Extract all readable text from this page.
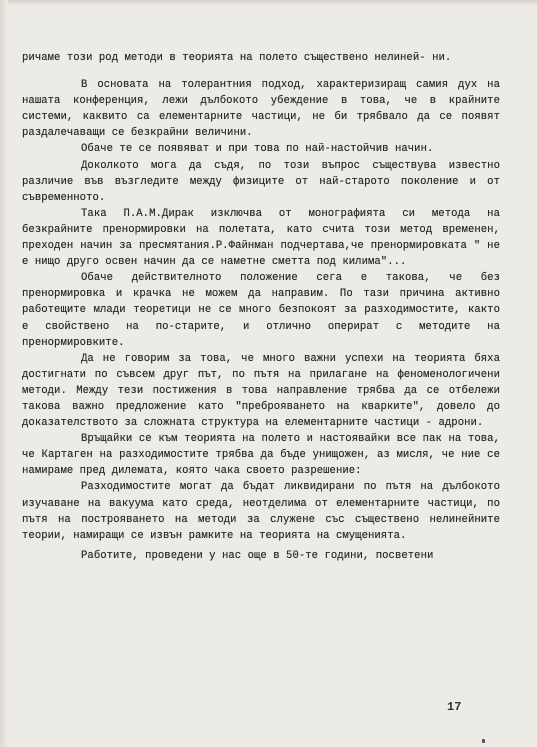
ричаме този род методи в теорията на полето съществено нелиней- ни.

В основата на толерантния подход, характеризиращ самия дух на нашата конференция, лежи дълбокото убеждение в това, че в крайните системи, каквито са елементарните частици, не би трябвало да се появят раздалечаващи се безкрайни величини.

Обаче те се появяват и при това по най-настойчив начин.

Доколкото мога да съдя, по този въпрос съществува известно различие във възгледите между физиците от най-старото поколение и от съвременното.

Така П.А.М.Дирак изключва от монографията си метода на безкрайните пренормировки на полетата, като счита този метод временен, преходен начин за пресмятания.Р.Файнман подчертава,че пренормировката " не е нищо друго освен начин да се наметне сметта под килима"...

Обаче действителното положение сега е такова, че без пренормировка и крачка не можем да направим. По тази причина активно работещите млади теоретици не се много безпокоят за разходимостите, както е свойствено на по-старите, и отлично оперират с методите на пренормировките.

Да не говорим за това, че много важни успехи на теорията бяха достигнати по съвсем друг път, по пътя на прилагане на феноменологичени методи. Между тези постижения в това направление трябва да се отбележи такова важно предложение като "преброяването на кварките", довело до доказателството за сложната структура на елементарните частици - адрони.

Връщайки се към теорията на полето и настоявайки все пак на това, че Картаген на разходимостите трябва да бъде унищожен, аз мисля, че ние се намираме пред дилемата, която чака своето разрешение:

Разходимостите могат да бъдат ликвидирани по пътя на дълбокото изучаване на вакуума като среда, неотделима от елементарните частици, по пътя на построяването на методи за служене със съществено нелинейните теории, намиращи се извън рамките на теорията на смущенията.

Работите, проведени у нас още в 50-те години, посветени

17
